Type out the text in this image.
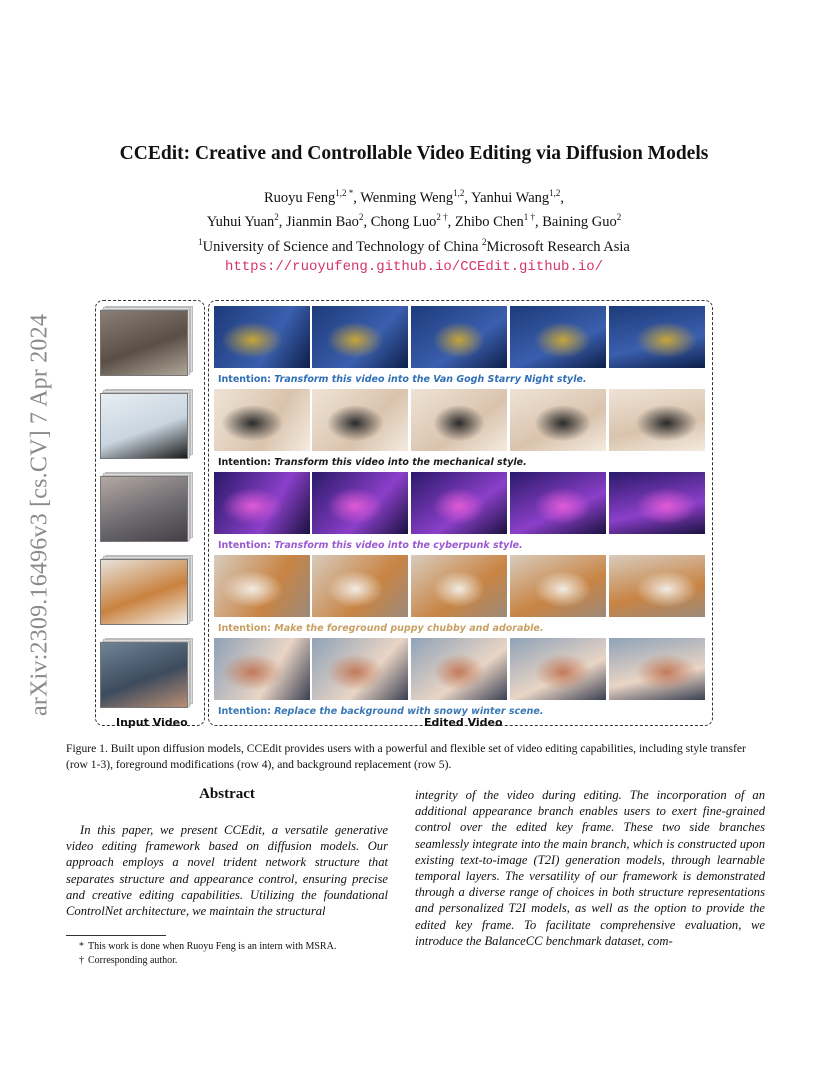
arXiv:2309.16496v3 [cs.CV] 7 Apr 2024
CCEdit: Creative and Controllable Video Editing via Diffusion Models
Ruoyu Feng$^{1,2 *}$, Wenming Weng$^{1,2}$, Yanhui Wang$^{1,2}$,
Yuhui Yuan$^2$, Jianmin Bao$^2$, Chong Luo$^{2 \dagger}$, Zhibo Chen$^{1 \dagger}$, Baining Guo$^2$
$^1$University of Science and Technology of China $^2$Microsoft Research Asia
https://ruoyufeng.github.io/CCEdit.github.io/
Intention: Transform this video into the Van Gogh Starry Night style.
Intention: Transform this video into the mechanical style.
Intention: Transform this video into the cyberpunk style.
Intention: Make the foreground puppy chubby and adorable.
Intention: Replace the background with snowy winter scene.
Input Video	Edited Video
Figure 1. Built upon diffusion models, CCEdit provides users with a powerful and flexible set of video editing capabilities, including style transfer (row 1-3), foreground modifications (row 4), and background replacement (row 5).
Abstract
In this paper, we present CCEdit, a versatile generative video editing framework based on diffusion models. Our approach employs a novel trident network structure that separates structure and appearance control, ensuring precise and creative editing capabilities. Utilizing the foundational ControlNet architecture, we maintain the structural
integrity of the video during editing. The incorporation of an additional appearance branch enables users to exert fine-grained control over the edited key frame. These two side branches seamlessly integrate into the main branch, which is constructed upon existing text-to-image (T2I) generation models, through learnable temporal layers. The versatility of our framework is demonstrated through a diverse range of choices in both structure representations and personalized T2I models, as well as the option to provide the edited key frame. To facilitate comprehensive evaluation, we introduce the BalanceCC benchmark dataset, com-
* This work is done when Ruoyu Feng is an intern with MSRA.
† Corresponding author.
